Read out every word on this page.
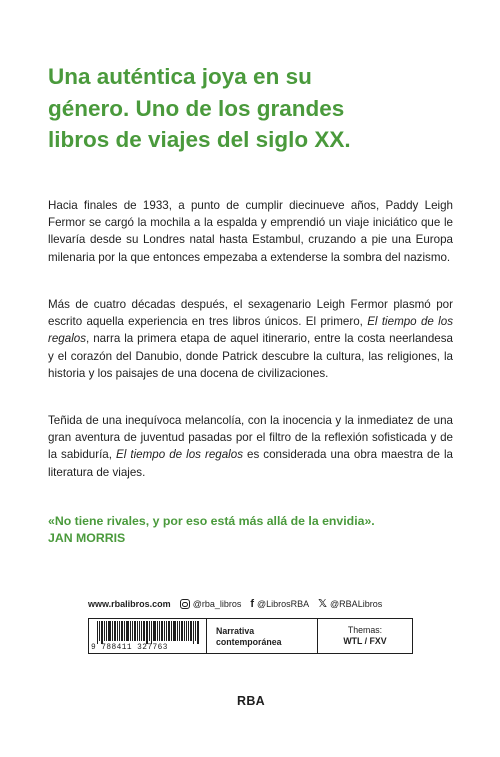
Una auténtica joya en su
género. Uno de los grandes
libros de viajes del siglo XX.

Hacia finales de 1933, a punto de cumplir diecinueve años, Paddy Leigh Fermor se cargó la mochila a la espalda y emprendió un viaje iniciático que le llevaría desde su Londres natal hasta Estambul, cruzando a pie una Europa milenaria por la que entonces empezaba a extenderse la sombra del nazismo.

Más de cuatro décadas después, el sexagenario Leigh Fermor plasmó por escrito aquella experiencia en tres libros únicos. El primero, El tiempo de los regalos, narra la primera etapa de aquel itinerario, entre la costa neerlandesa y el corazón del Danubio, donde Patrick descubre la cultura, las religiones, la historia y los paisajes de una docena de civilizaciones.

Teñida de una inequívoca melancolía, con la inocencia y la inmediatez de una gran aventura de juventud pasadas por el filtro de la reflexión sofisticada y de la sabiduría, El tiempo de los regalos es considerada una obra maestra de la literatura de viajes.

«No tiene rivales, y por eso está más allá de la envidia».
JAN MORRIS
www.rbalibros.com @rba_libros f @LibrosRBA 𝕏 @RBALibros
9 788411 327763
Narrativa
contemporánea
Themas:
WTL / FXV
RBA
